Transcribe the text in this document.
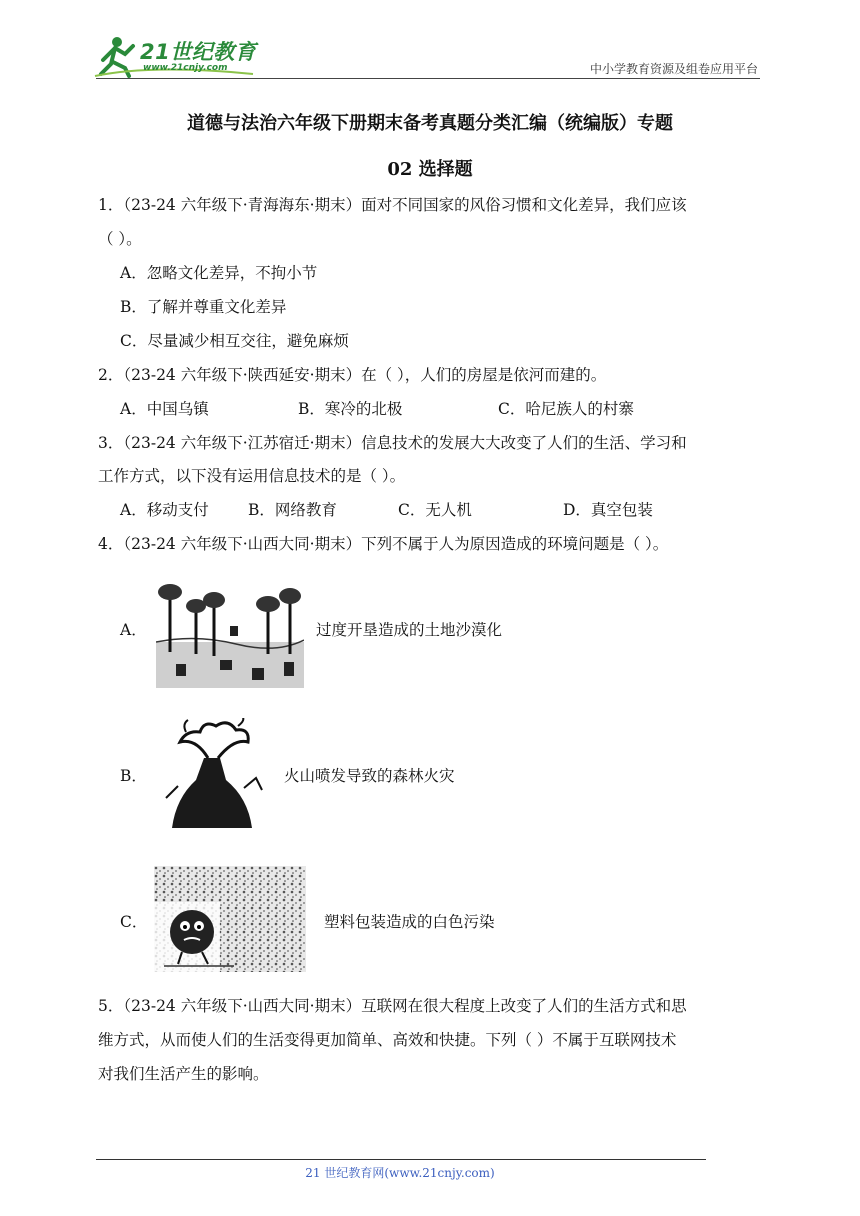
21世纪教育
www.21cnjy.com	中小学教育资源及组卷应用平台
道德与法治六年级下册期末备考真题分类汇编（统编版）专题
02 选择题
1．（23-24 六年级下·青海海东·期末）面对不同国家的风俗习惯和文化差异，我们应该
（ ）。
A．忽略文化差异，不拘小节
B．了解并尊重文化差异
C．尽量减少相互交往，避免麻烦
2．（23-24 六年级下·陕西延安·期末）在（ ），人们的房屋是依河而建的。
A．中国乌镇	B．寒冷的北极	C．哈尼族人的村寨
3．（23-24 六年级下·江苏宿迁·期末）信息技术的发展大大改变了人们的生活、学习和
工作方式，以下没有运用信息技术的是（ ）。
A．移动支付	B．网络教育	C．无人机	D．真空包装
4．（23-24 六年级下·山西大同·期末）下列不属于人为原因造成的环境问题是（ ）。
A．	过度开垦造成的土地沙漠化
B．	火山喷发导致的森林火灾
C．	塑料包装造成的白色污染
5．（23-24 六年级下·山西大同·期末）互联网在很大程度上改变了人们的生活方式和思
维方式，从而使人们的生活变得更加简单、高效和快捷。下列（ ）不属于互联网技术
对我们生活产生的影响。
21 世纪教育网(www.21cnjy.com)
